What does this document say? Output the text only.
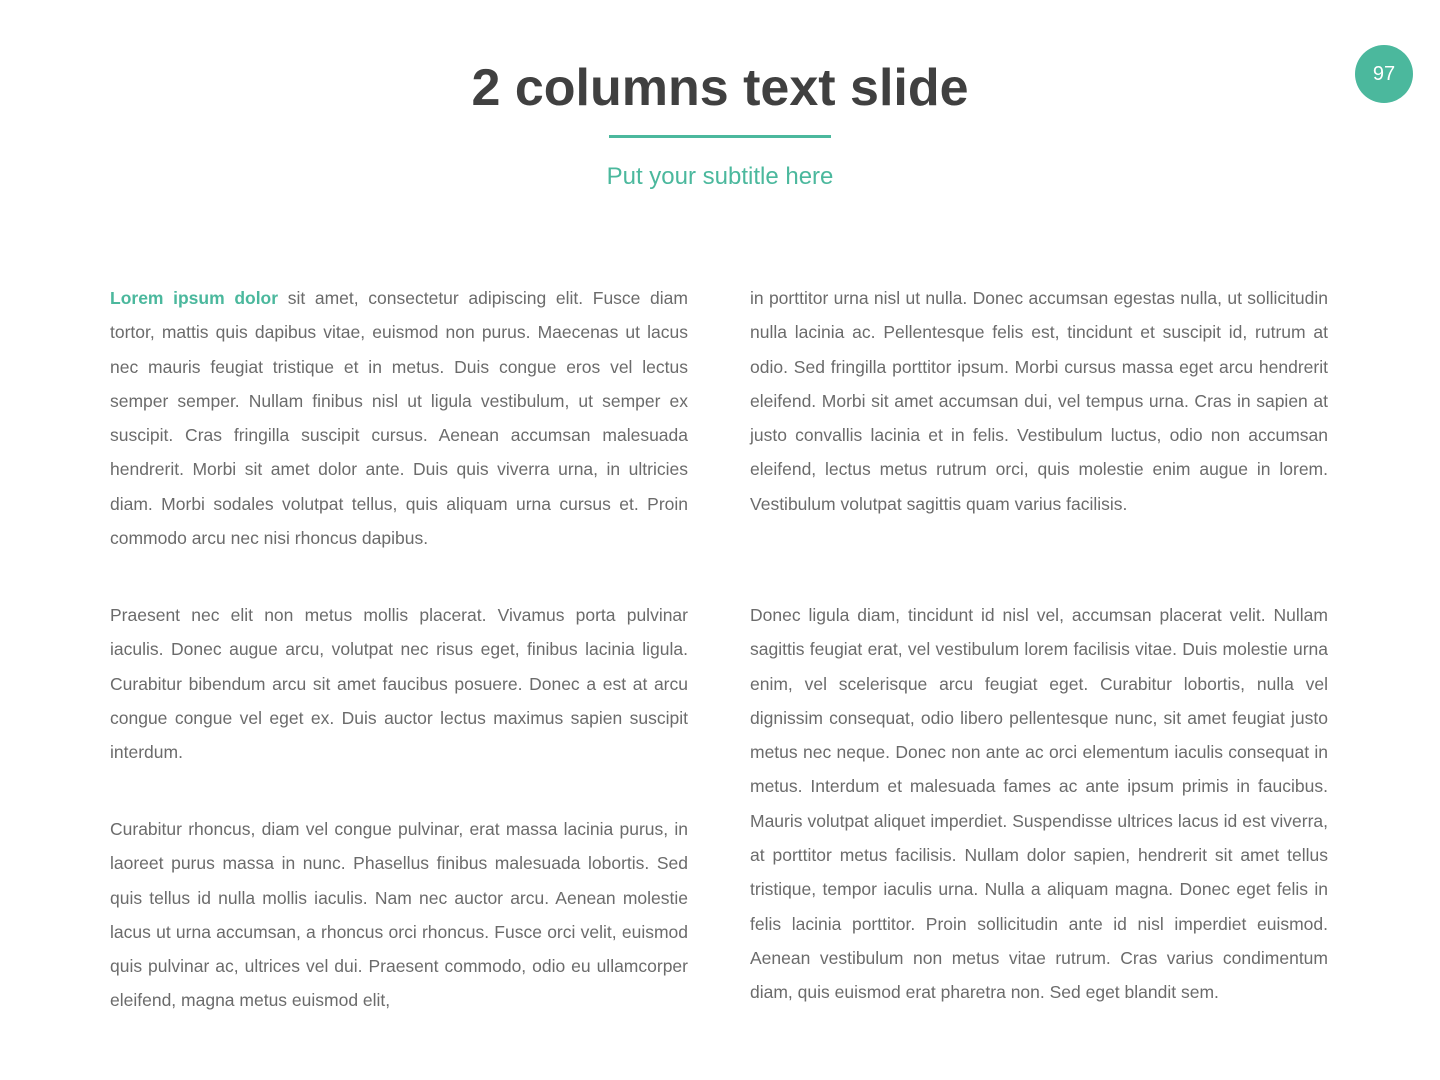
2 columns text slide

Put your subtitle here

97

Lorem ipsum dolor sit amet, consectetur adipiscing elit. Fusce diam tortor, mattis quis dapibus vitae, euismod non purus. Maecenas ut lacus nec mauris feugiat tristique et in metus. Duis congue eros vel lectus semper semper. Nullam finibus nisl ut ligula vestibulum, ut semper ex suscipit. Cras fringilla suscipit cursus. Aenean accumsan malesuada hendrerit. Morbi sit amet dolor ante. Duis quis viverra urna, in ultricies diam. Morbi sodales volutpat tellus, quis aliquam urna cursus et. Proin commodo arcu nec nisi rhoncus dapibus.

Praesent nec elit non metus mollis placerat. Vivamus porta pulvinar iaculis. Donec augue arcu, volutpat nec risus eget, finibus lacinia ligula. Curabitur bibendum arcu sit amet faucibus posuere. Donec a est at arcu congue congue vel eget ex. Duis auctor lectus maximus sapien suscipit interdum.

Curabitur rhoncus, diam vel congue pulvinar, erat massa lacinia purus, in laoreet purus massa in nunc. Phasellus finibus malesuada lobortis. Sed quis tellus id nulla mollis iaculis. Nam nec auctor arcu. Aenean molestie lacus ut urna accumsan, a rhoncus orci rhoncus. Fusce orci velit, euismod quis pulvinar ac, ultrices vel dui. Praesent commodo, odio eu ullamcorper eleifend, magna metus euismod elit,

in porttitor urna nisl ut nulla. Donec accumsan egestas nulla, ut sollicitudin nulla lacinia ac. Pellentesque felis est, tincidunt et suscipit id, rutrum at odio. Sed fringilla porttitor ipsum. Morbi cursus massa eget arcu hendrerit eleifend. Morbi sit amet accumsan dui, vel tempus urna. Cras in sapien at justo convallis lacinia et in felis. Vestibulum luctus, odio non accumsan eleifend, lectus metus rutrum orci, quis molestie enim augue in lorem. Vestibulum volutpat sagittis quam varius facilisis.

Donec ligula diam, tincidunt id nisl vel, accumsan placerat velit. Nullam sagittis feugiat erat, vel vestibulum lorem facilisis vitae. Duis molestie urna enim, vel scelerisque arcu feugiat eget. Curabitur lobortis, nulla vel dignissim consequat, odio libero pellentesque nunc, sit amet feugiat justo metus nec neque. Donec non ante ac orci elementum iaculis consequat in metus. Interdum et malesuada fames ac ante ipsum primis in faucibus. Mauris volutpat aliquet imperdiet. Suspendisse ultrices lacus id est viverra, at porttitor metus facilisis. Nullam dolor sapien, hendrerit sit amet tellus tristique, tempor iaculis urna. Nulla a aliquam magna. Donec eget felis in felis lacinia porttitor. Proin sollicitudin ante id nisl imperdiet euismod. Aenean vestibulum non metus vitae rutrum. Cras varius condimentum diam, quis euismod erat pharetra non. Sed eget blandit sem.
